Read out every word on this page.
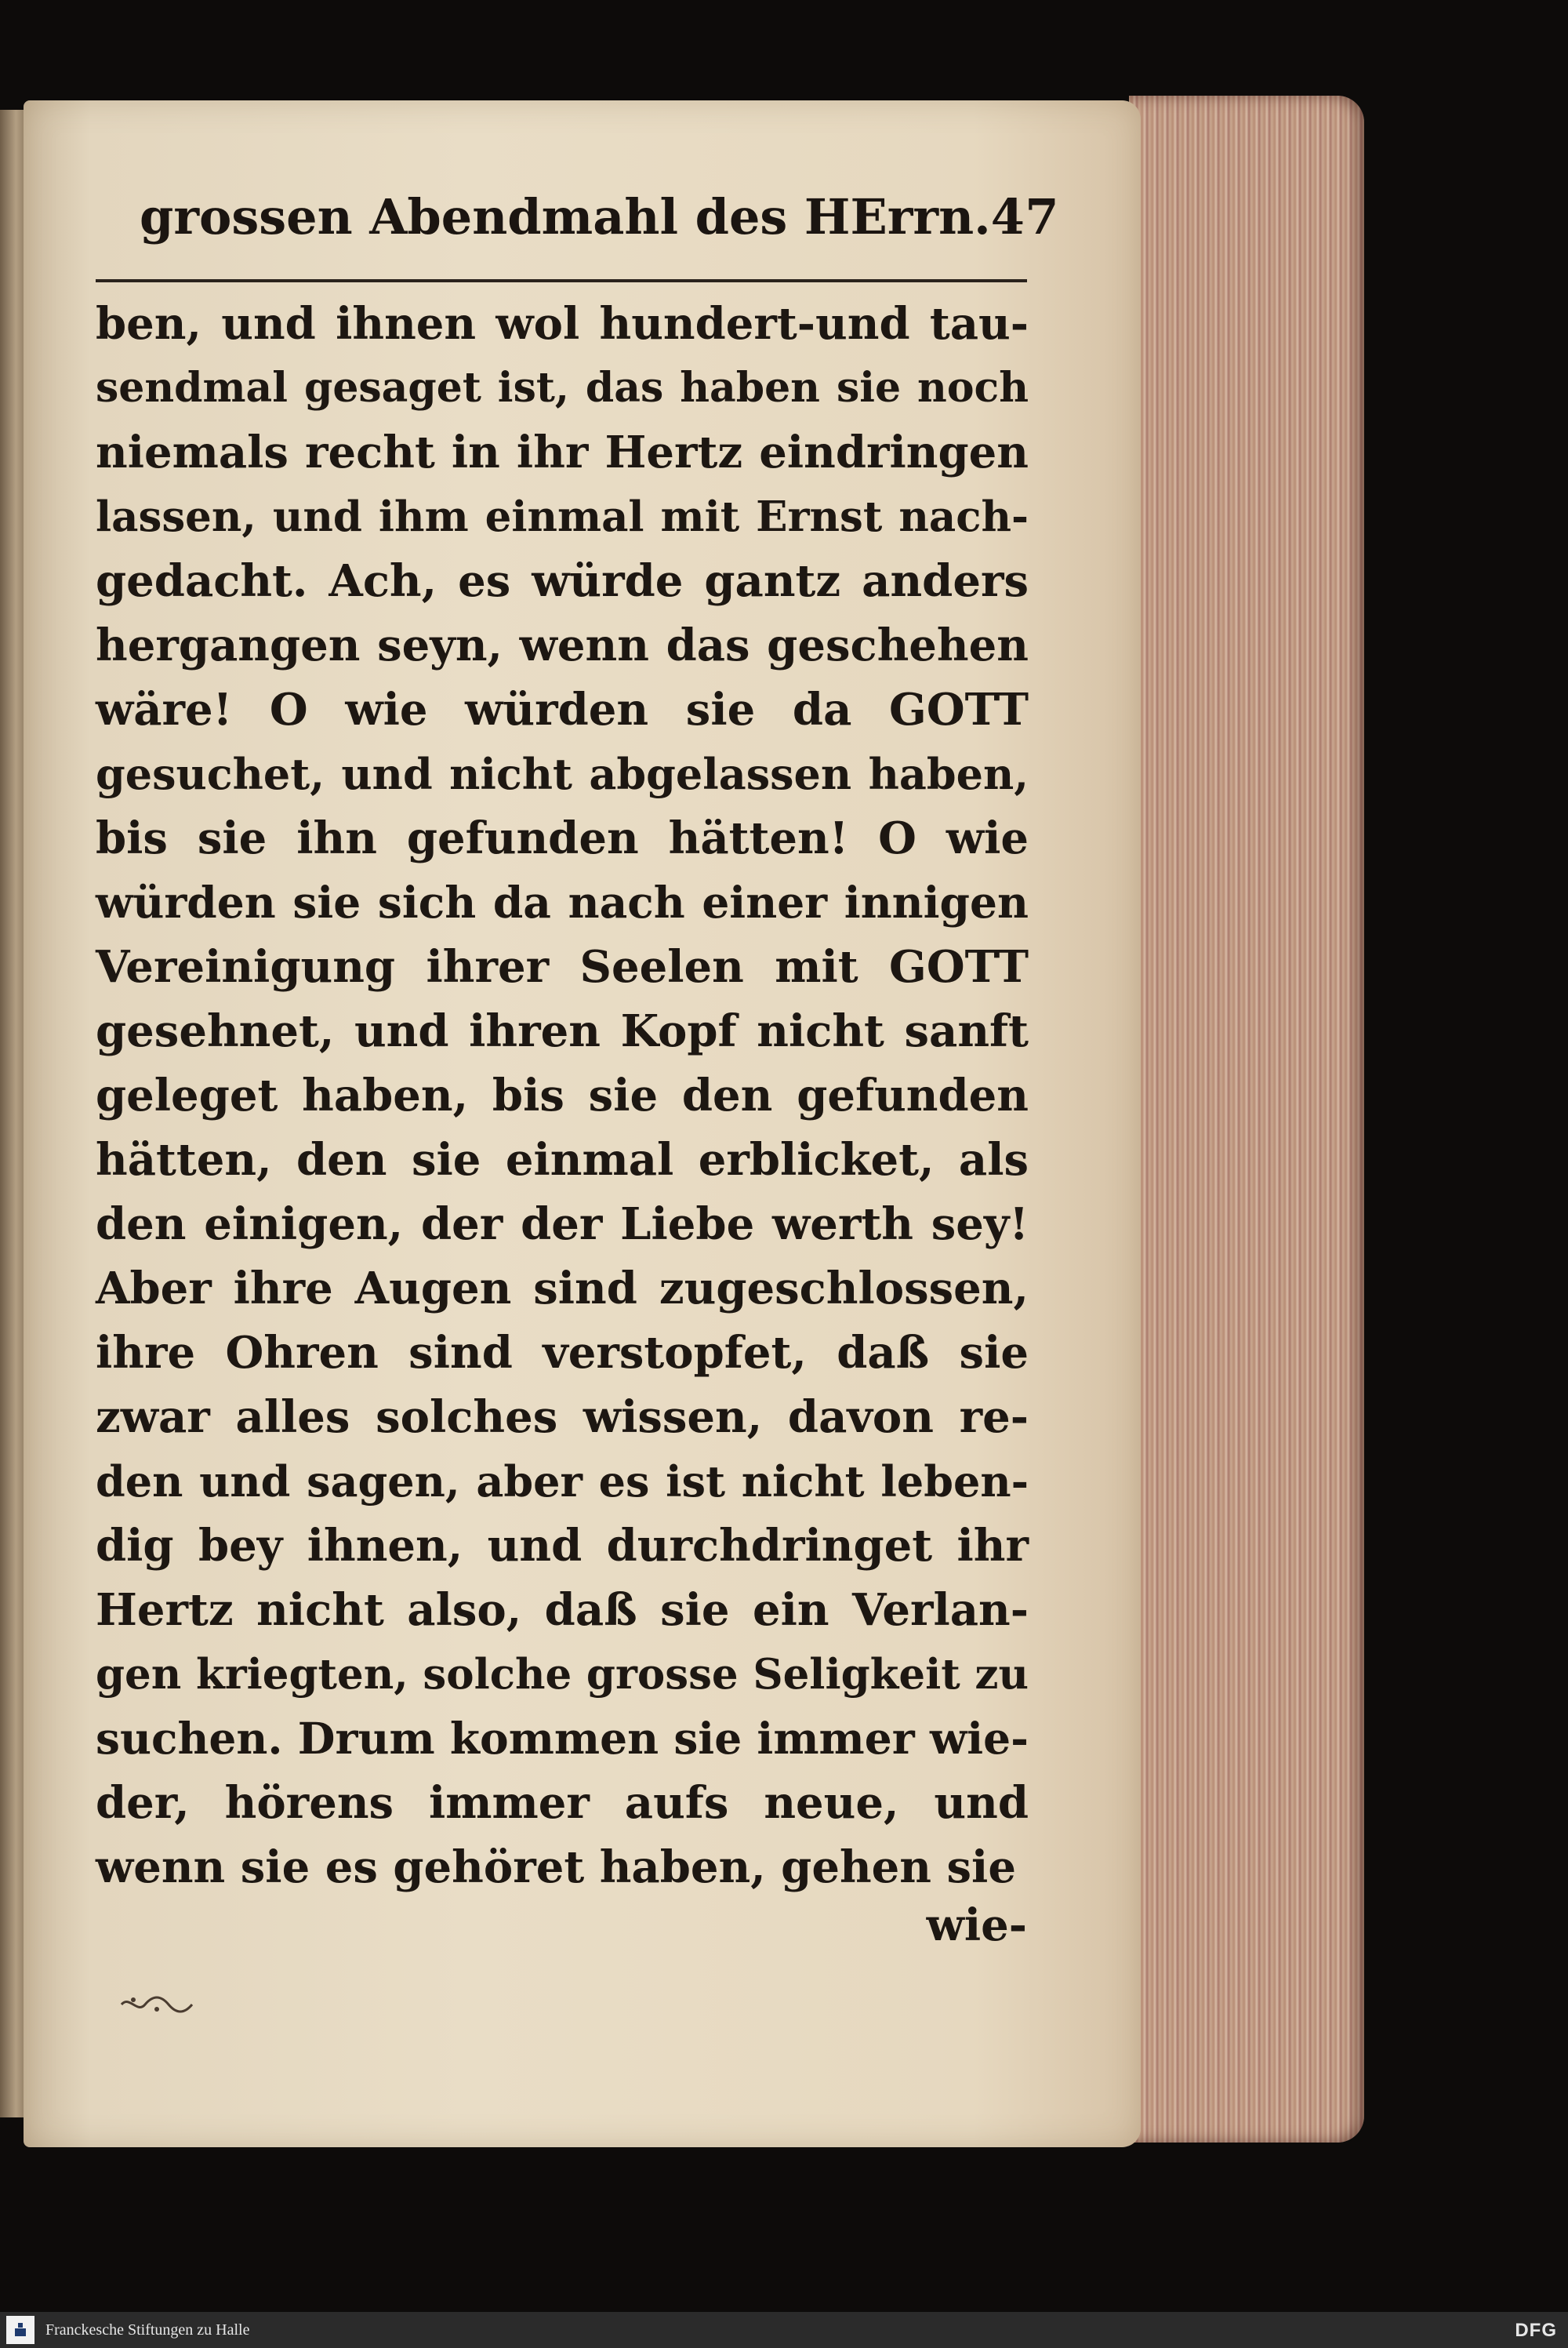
grossen Abendmahl des HErrn. 47
ben, und ihnen wol hundert-und tau-
sendmal gesaget ist, das haben sie noch
niemals recht in ihr Hertz eindringen
lassen, und ihm einmal mit Ernst nach-
gedacht. Ach, es würde gantz anders
hergangen seyn, wenn das geschehen
wäre! O wie würden sie da GOTT
gesuchet, und nicht abgelassen haben,
bis sie ihn gefunden hätten! O wie
würden sie sich da nach einer innigen
Vereinigung ihrer Seelen mit GOTT
gesehnet, und ihren Kopf nicht sanft
geleget haben, bis sie den gefunden
hätten, den sie einmal erblicket, als
den einigen, der der Liebe werth sey!
Aber ihre Augen sind zugeschlossen,
ihre Ohren sind verstopfet, daß sie
zwar alles solches wissen, davon re-
den und sagen, aber es ist nicht leben-
dig bey ihnen, und durchdringet ihr
Hertz nicht also, daß sie ein Verlan-
gen kriegten, solche grosse Seligkeit zu
suchen. Drum kommen sie immer wie-
der, hörens immer aufs neue, und
wenn sie es gehöret haben, gehen sie
wie-
Franckesche Stiftungen zu Halle	DFG
